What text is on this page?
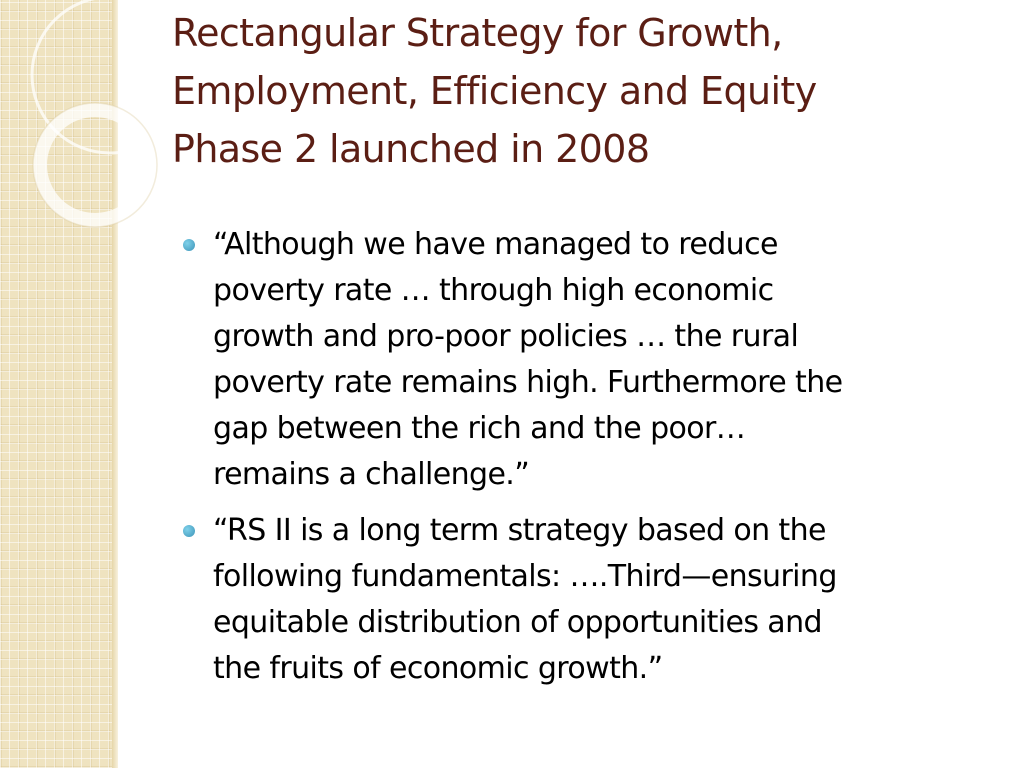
Rectangular Strategy for Growth,
Employment, Efficiency and Equity
Phase 2 launched in 2008
“Although we have managed to reduce
poverty rate … through high economic
growth and pro-poor policies … the rural
poverty rate remains high. Furthermore the
gap between the rich and the poor…
remains a challenge.”
“RS II is a long term strategy based on the
following fundamentals: ….Third—ensuring
equitable distribution of opportunities and
the fruits of economic growth.”
